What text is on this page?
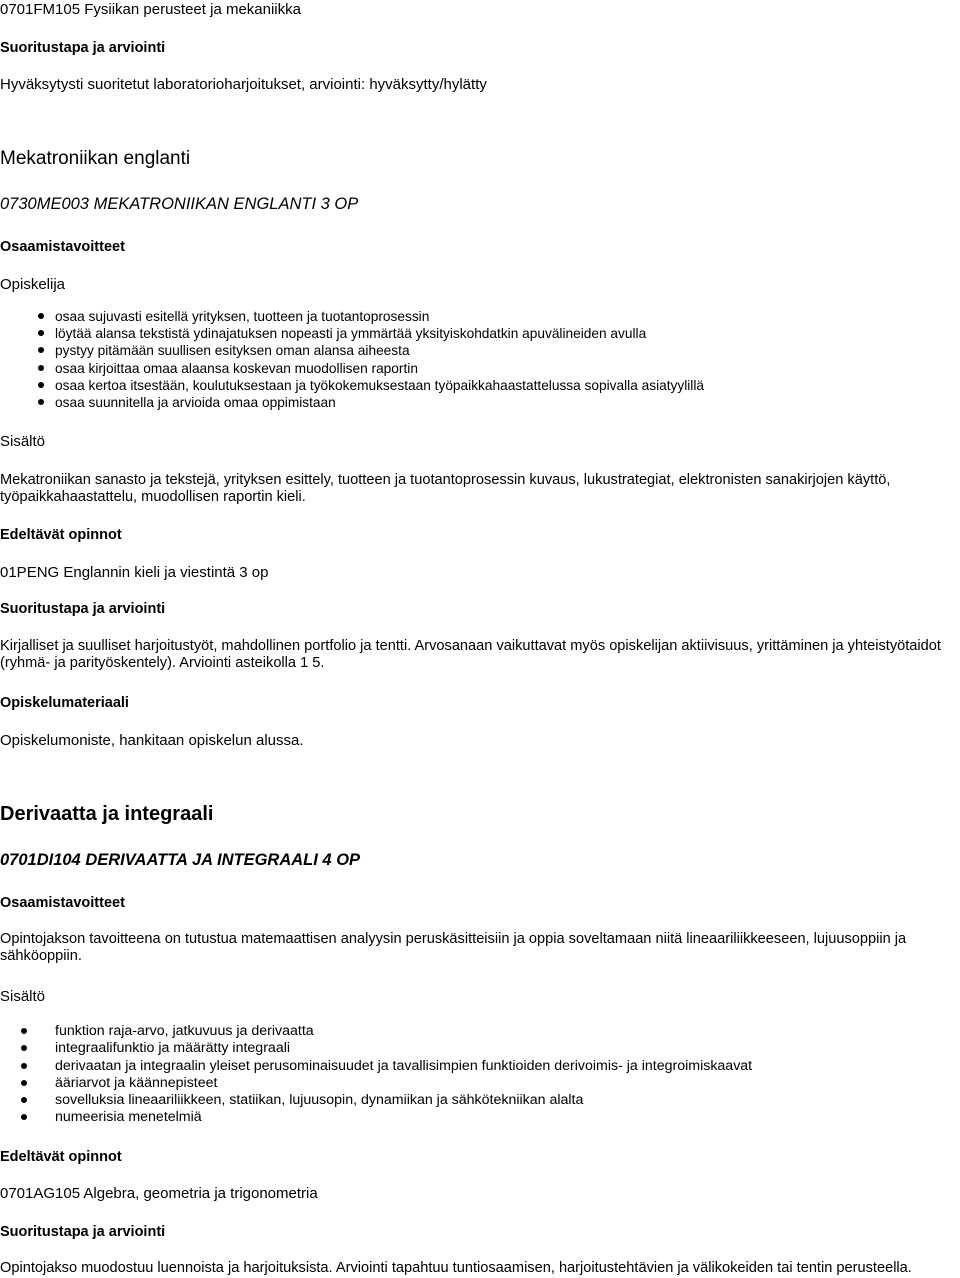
0701FM105 Fysiikan perusteet ja mekaniikka
Suoritustapa ja arviointi
Hyväksytysti suoritetut laboratorioharjoitukset, arviointi: hyväksytty/hylätty
Mekatroniikan englanti
0730ME003 MEKATRONIIKAN ENGLANTI 3 OP
Osaamistavoitteet
Opiskelija
osaa sujuvasti esitellä yrityksen, tuotteen ja tuotantoprosessin
löytää alansa tekstistä ydinajatuksen nopeasti ja ymmärtää yksityiskohdatkin apuvälineiden avulla
pystyy pitämään suullisen esityksen oman alansa aiheesta
osaa kirjoittaa omaa alaansa koskevan muodollisen raportin
osaa kertoa itsestään, koulutuksestaan ja työkokemuksestaan työpaikkahaastattelussa sopivalla asiatyylillä
osaa suunnitella ja arvioida omaa oppimistaan
Sisältö
Mekatroniikan sanasto ja tekstejä, yrityksen esittely, tuotteen ja tuotantoprosessin kuvaus, lukustrategiat, elektronisten sanakirjojen käyttö, työpaikkahaastattelu, muodollisen raportin kieli.
Edeltävät opinnot
01PENG Englannin kieli ja viestintä 3 op
Suoritustapa ja arviointi
Kirjalliset ja suulliset harjoitustyöt, mahdollinen portfolio ja tentti. Arvosanaan vaikuttavat myös opiskelijan aktiivisuus, yrittäminen ja yhteistyötaidot (ryhmä- ja parityöskentely). Arviointi asteikolla 1 5.
Opiskelumateriaali
Opiskelumoniste, hankitaan opiskelun alussa.
Derivaatta ja integraali
0701DI104 DERIVAATTA JA INTEGRAALI 4 OP
Osaamistavoitteet
Opintojakson tavoitteena on tutustua matemaattisen analyysin peruskäsitteisiin ja oppia soveltamaan niitä lineaariliikkeeseen, lujuusoppiin ja sähköoppiin.
Sisältö
funktion raja-arvo, jatkuvuus ja derivaatta
integraalifunktio ja määrätty integraali
derivaatan ja integraalin yleiset perusominaisuudet ja tavallisimpien funktioiden derivoimis- ja integroimiskaavat
ääriarvot ja käännepisteet
sovelluksia lineaariliikkeen, statiikan, lujuusopin, dynamiikan ja sähkötekniikan alalta
numeerisia menetelmiä
Edeltävät opinnot
0701AG105 Algebra, geometria ja trigonometria
Suoritustapa ja arviointi
Opintojakso muodostuu luennoista ja harjoituksista. Arviointi tapahtuu tuntiosaamisen, harjoitustehtävien ja välikokeiden tai tentin perusteella.
